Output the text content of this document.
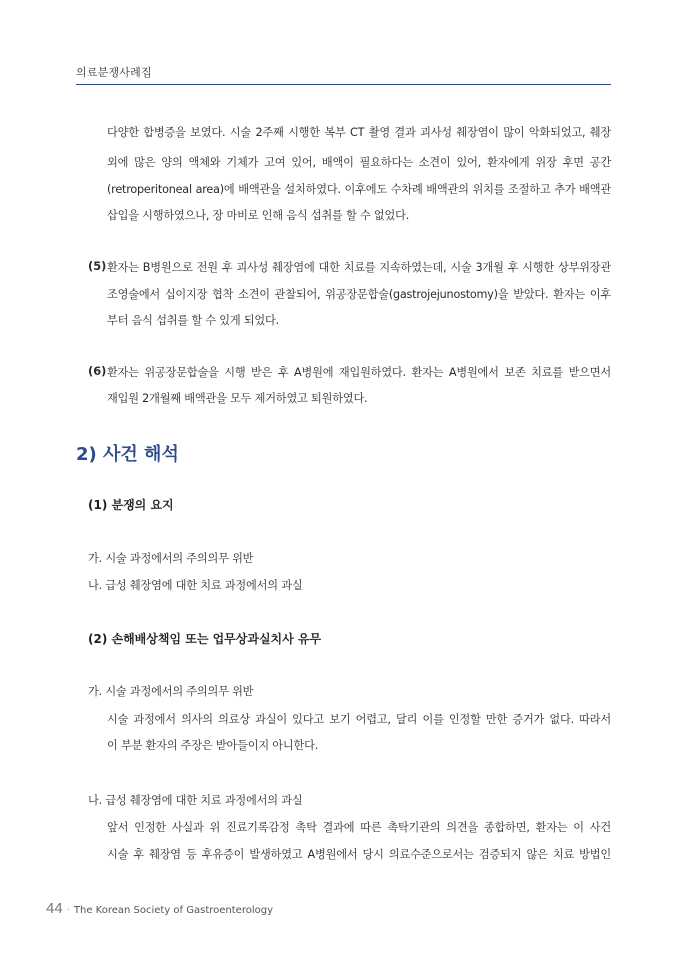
의료분쟁사례집
다양한 합병증을 보였다. 시술 2주째 시행한 복부 CT 촬영 결과 괴사성 췌장염이 많이 악화되었고, 췌장
외에 많은 양의 액체와 기체가 고여 있어, 배액이 필요하다는 소견이 있어, 환자에게 위장 후면 공간
(retroperitoneal area)에 배액관을 설치하였다. 이후에도 수차례 배액관의 위치를 조절하고 추가 배액관
삽입을 시행하였으나, 장 마비로 인해 음식 섭취를 할 수 없었다.
(5) 환자는 B병원으로 전원 후 괴사성 췌장염에 대한 치료를 지속하였는데, 시술 3개월 후 시행한 상부위장관
조영술에서 십이지장 협착 소견이 관찰되어, 위공장문합술(gastrojejunostomy)을 받았다. 환자는 이후
부터 음식 섭취를 할 수 있게 되었다.
(6) 환자는 위공장문합술을 시행 받은 후 A병원에 재입원하였다. 환자는 A병원에서 보존 치료를 받으면서
재입원 2개월째 배액관을 모두 제거하였고 퇴원하였다.
2) 사건 해석
(1) 분쟁의 요지
가. 시술 과정에서의 주의의무 위반
나. 급성 췌장염에 대한 치료 과정에서의 과실
(2) 손해배상책임 또는 업무상과실치사 유무
가. 시술 과정에서의 주의의무 위반
시술 과정에서 의사의 의료상 과실이 있다고 보기 어렵고, 달리 이를 인정할 만한 증거가 없다. 따라서
이 부분 환자의 주장은 받아들이지 아니한다.
나. 급성 췌장염에 대한 치료 과정에서의 과실
앞서 인정한 사실과 위 진료기록감정 촉탁 결과에 따른 촉탁기관의 의견을 종합하면, 환자는 이 사건
시술 후 췌장염 등 후유증이 발생하였고 A병원에서 당시 의료수준으로서는 검증되지 않은 치료 방법인
44 · The Korean Society of Gastroenterology
